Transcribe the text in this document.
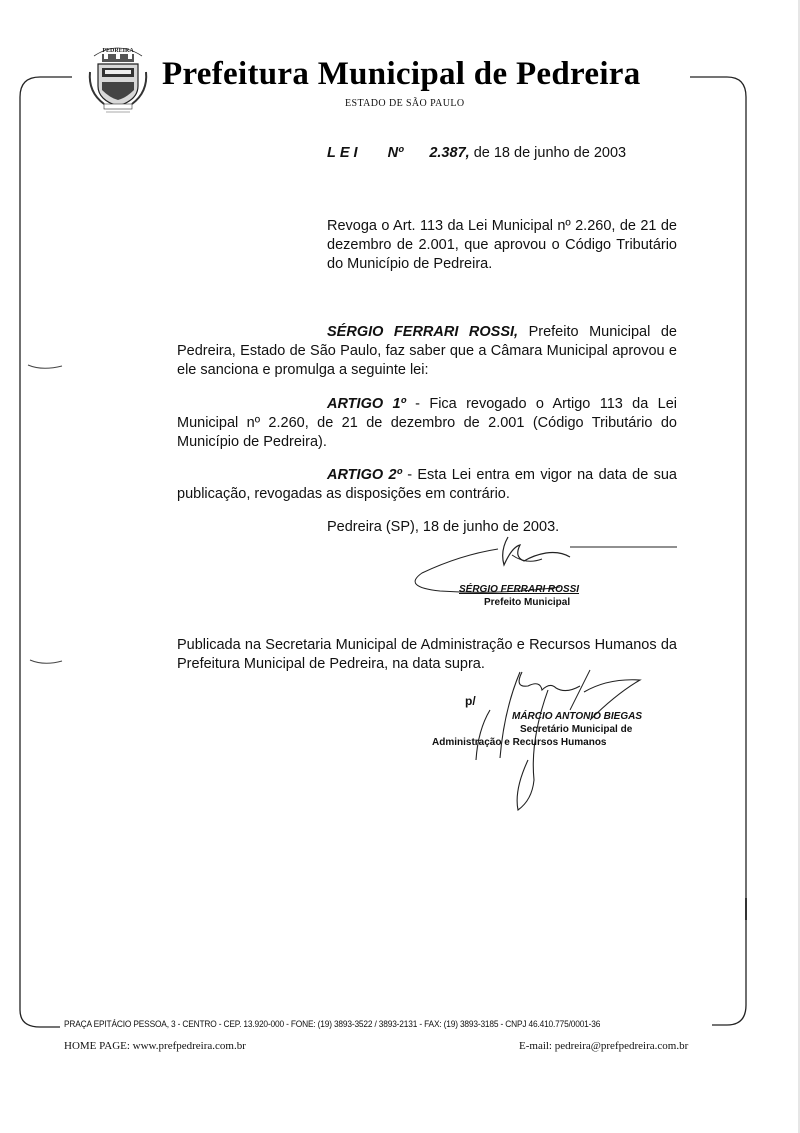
PEDREIRA
Prefeitura Municipal de Pedreira
ESTADO DE SÃO PAULO
LEI Nº 2.387, de 18 de junho de 2003
Revoga o Art. 113 da Lei Municipal nº 2.260, de 21 de dezembro de 2.001, que aprovou o Código Tributário do Município de Pedreira.
SÉRGIO FERRARI ROSSI, Prefeito Municipal de Pedreira, Estado de São Paulo, faz saber que a Câmara Municipal aprovou e ele sanciona e promulga a seguinte lei:
ARTIGO 1º - Fica revogado o Artigo 113 da Lei Municipal nº 2.260, de 21 de dezembro de 2.001 (Código Tributário do Município de Pedreira).
ARTIGO 2º - Esta Lei entra em vigor na data de sua publicação, revogadas as disposições em contrário.
Pedreira (SP), 18 de junho de 2003.
SÉRGIO FERRARI ROSSI
Prefeito Municipal
Publicada na Secretaria Municipal de Administração e Recursos Humanos da Prefeitura Municipal de Pedreira, na data supra.
p/
MÁRCIO ANTONIO BIEGAS
Secretário Municipal de
Administração e Recursos Humanos
PRAÇA EPITÁCIO PESSOA, 3 - CENTRO - CEP. 13.920-000 - FONE: (19) 3893-3522 / 3893-2131 - FAX: (19) 3893-3185 - CNPJ 46.410.775/0001-36
HOME PAGE: www.prefpedreira.com.br	E-mail: pedreira@prefpedreira.com.br
